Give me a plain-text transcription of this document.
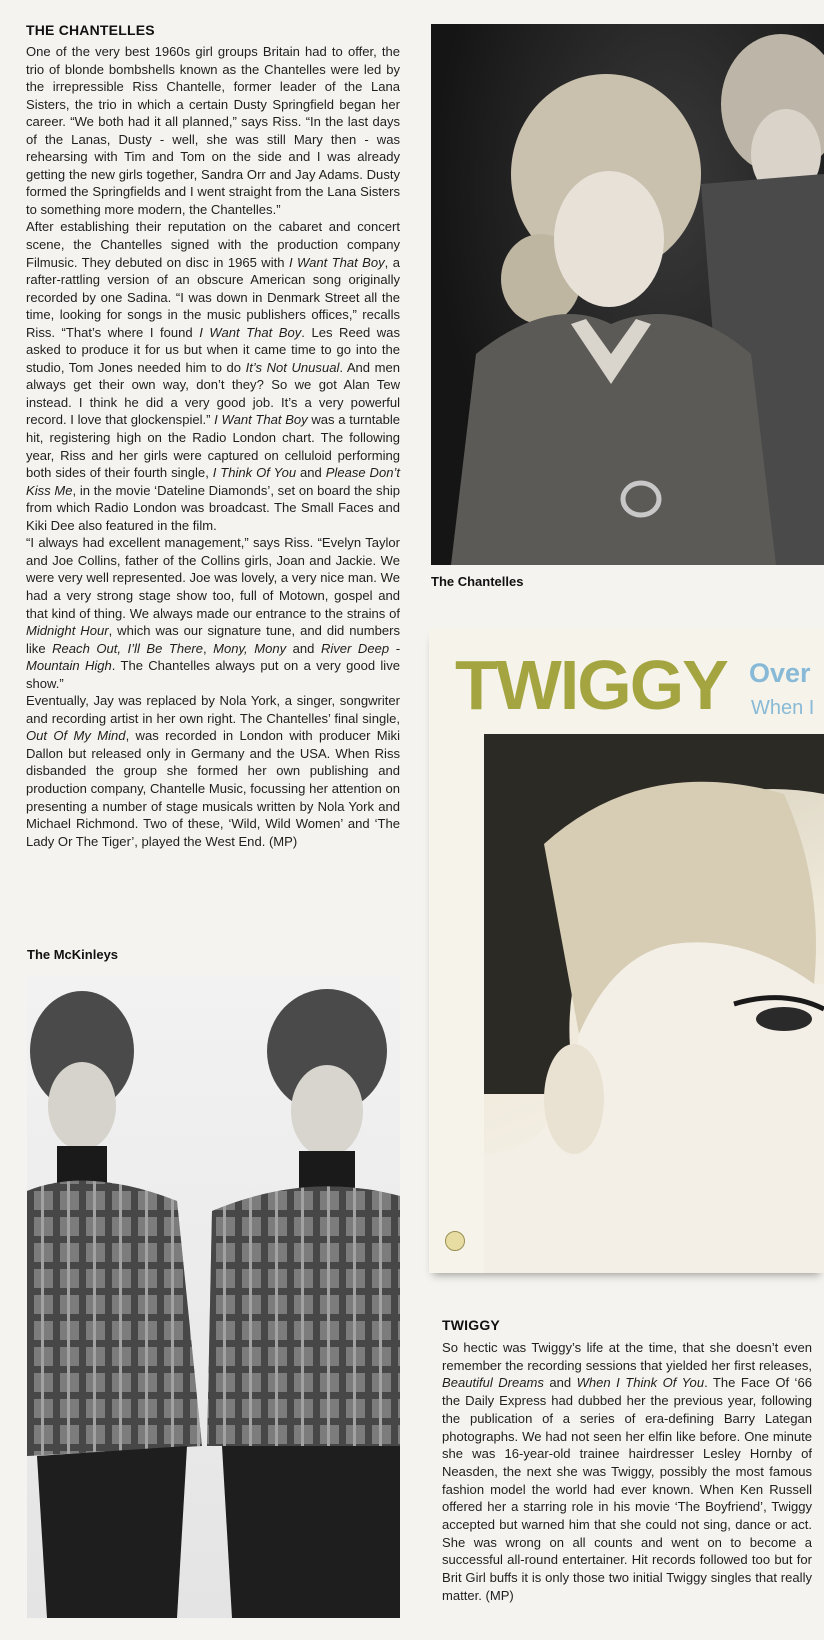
THE CHANTELLES

One of the very best 1960s girl groups Britain had to offer, the trio of blonde bombshells known as the Chantelles were led by the irrepressible Riss Chantelle, former leader of the Lana Sisters, the trio in which a certain Dusty Springfield began her career. “We both had it all planned,” says Riss. “In the last days of the Lanas, Dusty - well, she was still Mary then - was rehearsing with Tim and Tom on the side and I was already getting the new girls together, Sandra Orr and Jay Adams. Dusty formed the Springfields and I went straight from the Lana Sisters to something more modern, the Chantelles.”

After establishing their reputation on the cabaret and concert scene, the Chantelles signed with the production company Filmusic. They debuted on disc in 1965 with I Want That Boy, a rafter-rattling version of an obscure American song originally recorded by one Sadina. “I was down in Denmark Street all the time, looking for songs in the music publishers offices,” recalls Riss. “That’s where I found I Want That Boy. Les Reed was asked to produce it for us but when it came time to go into the studio, Tom Jones needed him to do It’s Not Unusual. And men always get their own way, don’t they? So we got Alan Tew instead. I think he did a very good job. It’s a very powerful record. I love that glockenspiel.” I Want That Boy was a turntable hit, registering high on the Radio London chart. The following year, Riss and her girls were captured on celluloid performing both sides of their fourth single, I Think Of You and Please Don’t Kiss Me, in the movie ‘Dateline Diamonds’, set on board the ship from which Radio London was broadcast. The Small Faces and Kiki Dee also featured in the film.

“I always had excellent management,” says Riss. “Evelyn Taylor and Joe Collins, father of the Collins girls, Joan and Jackie. We were very well represented. Joe was lovely, a very nice man. We had a very strong stage show too, full of Motown, gospel and that kind of thing. We always made our entrance to the strains of Midnight Hour, which was our signature tune, and did numbers like Reach Out, I’ll Be There, Mony, Mony and River Deep - Mountain High. The Chantelles always put on a very good live show.”

Eventually, Jay was replaced by Nola York, a singer, songwriter and recording artist in her own right. The Chantelles’ final single, Out Of My Mind, was recorded in London with producer Miki Dallon but released only in Germany and the USA. When Riss disbanded the group she formed her own publishing and production company, Chantelle Music, focussing her attention on presenting a number of stage musicals written by Nola York and Michael Richmond. Two of these, ‘Wild, Wild Women’ and ‘The Lady Or The Tiger’, played the West End. (MP)

The McKinleys
The Chantelles
TWIGGY Over
When I
TWIGGY

So hectic was Twiggy’s life at the time, that she doesn’t even remember the recording sessions that yielded her first releases, Beautiful Dreams and When I Think Of You. The Face Of ‘66 the Daily Express had dubbed her the previous year, following the publication of a series of era-defining Barry Lategan photographs. We had not seen her elfin like before. One minute she was 16-year-old trainee hairdresser Lesley Hornby of Neasden, the next she was Twiggy, possibly the most famous fashion model the world had ever known. When Ken Russell offered her a starring role in his movie ‘The Boyfriend’, Twiggy accepted but warned him that she could not sing, dance or act. She was wrong on all counts and went on to become a successful all-round entertainer. Hit records followed too but for Brit Girl buffs it is only those two initial Twiggy singles that really matter. (MP)
